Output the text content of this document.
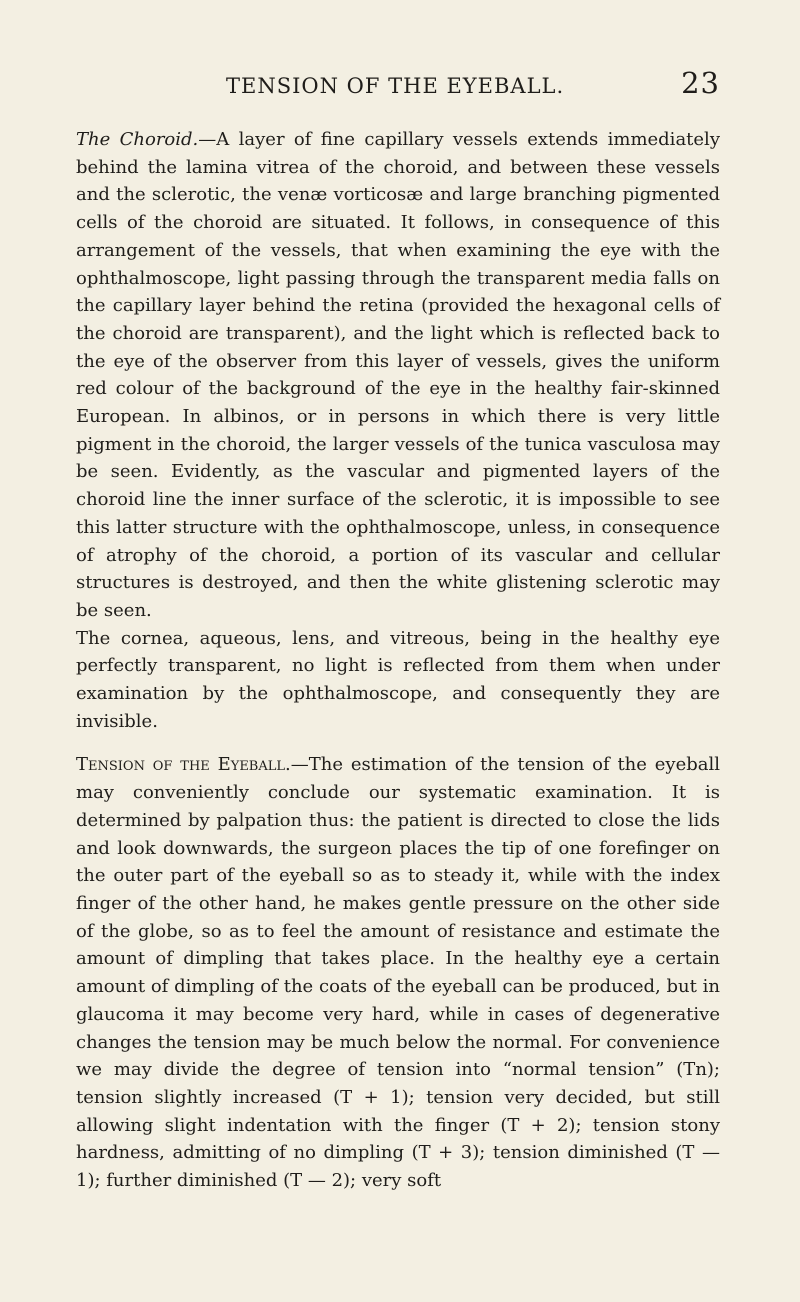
TENSION OF THE EYEBALL.	23

The Choroid.—A layer of fine capillary vessels extends immediately behind the lamina vitrea of the choroid, and between these vessels and the sclerotic, the venæ vorticosæ and large branching pigmented cells of the choroid are situated. It follows, in consequence of this arrangement of the vessels, that when examining the eye with the ophthalmoscope, light passing through the transparent media falls on the capillary layer behind the retina (provided the hexagonal cells of the choroid are transparent), and the light which is reflected back to the eye of the observer from this layer of vessels, gives the uniform red colour of the background of the eye in the healthy fair-skinned European. In albinos, or in persons in which there is very little pigment in the choroid, the larger vessels of the tunica vasculosa may be seen. Evidently, as the vascular and pigmented layers of the choroid line the inner surface of the sclerotic, it is impossible to see this latter structure with the ophthalmoscope, unless, in consequence of atrophy of the choroid, a portion of its vascular and cellular structures is destroyed, and then the white glistening sclerotic may be seen.

The cornea, aqueous, lens, and vitreous, being in the healthy eye perfectly transparent, no light is reflected from them when under examination by the ophthalmoscope, and consequently they are invisible.

Tension of the Eyeball.—The estimation of the tension of the eyeball may conveniently conclude our systematic examination. It is determined by palpation thus: the patient is directed to close the lids and look downwards, the surgeon places the tip of one forefinger on the outer part of the eyeball so as to steady it, while with the index finger of the other hand, he makes gentle pressure on the other side of the globe, so as to feel the amount of resistance and estimate the amount of dimpling that takes place. In the healthy eye a certain amount of dimpling of the coats of the eyeball can be produced, but in glaucoma it may become very hard, while in cases of degenerative changes the tension may be much below the normal. For convenience we may divide the degree of tension into “normal tension” (Tn); tension slightly increased (T + 1); tension very decided, but still allowing slight indentation with the finger (T + 2); tension stony hardness, admitting of no dimpling (T + 3); tension diminished (T — 1); further diminished (T — 2); very soft
